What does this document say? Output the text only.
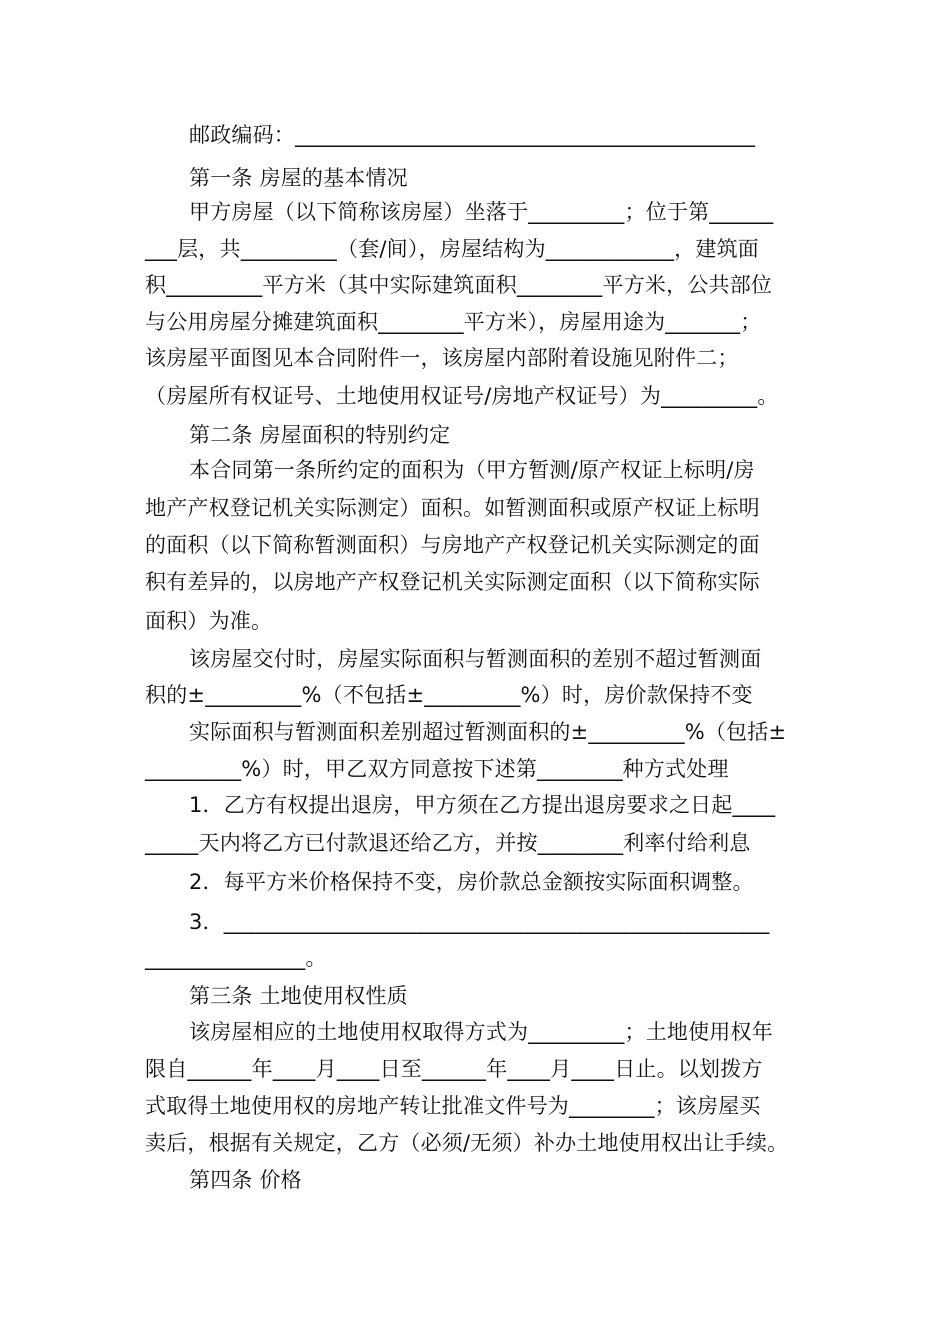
邮政编码：___________________________________________
第一条 房屋的基本情况
甲方房屋（以下简称该房屋）坐落于_________；位于第______
___层，共_________（套/间），房屋结构为____________，建筑面
积_________平方米（其中实际建筑面积________平方米，公共部位
与公用房屋分摊建筑面积________平方米），房屋用途为_______；
该房屋平面图见本合同附件一，该房屋内部附着设施见附件二；
（房屋所有权证号、土地使用权证号/房地产权证号）为_________。
第二条 房屋面积的特别约定
本合同第一条所约定的面积为（甲方暂测/原产权证上标明/房
地产产权登记机关实际测定）面积。如暂测面积或原产权证上标明
的面积（以下简称暂测面积）与房地产产权登记机关实际测定的面
积有差异的，以房地产产权登记机关实际测定面积（以下简称实际
面积）为准。
该房屋交付时，房屋实际面积与暂测面积的差别不超过暂测面
积的±_________%（不包括±_________%）时，房价款保持不变
实际面积与暂测面积差别超过暂测面积的±_________%（包括±
_________%）时，甲乙双方同意按下述第________种方式处理
1．乙方有权提出退房，甲方须在乙方提出退房要求之日起____
_____天内将乙方已付款退还给乙方，并按________利率付给利息
2．每平方米价格保持不变，房价款总金额按实际面积调整。
3．___________________________________________________
_______________。
第三条 土地使用权性质
该房屋相应的土地使用权取得方式为_________；土地使用权年
限自______年____月____日至______年____月____日止。以划拨方
式取得土地使用权的房地产转让批准文件号为________；该房屋买
卖后，根据有关规定，乙方（必须/无须）补办土地使用权出让手续。
第四条 价格
